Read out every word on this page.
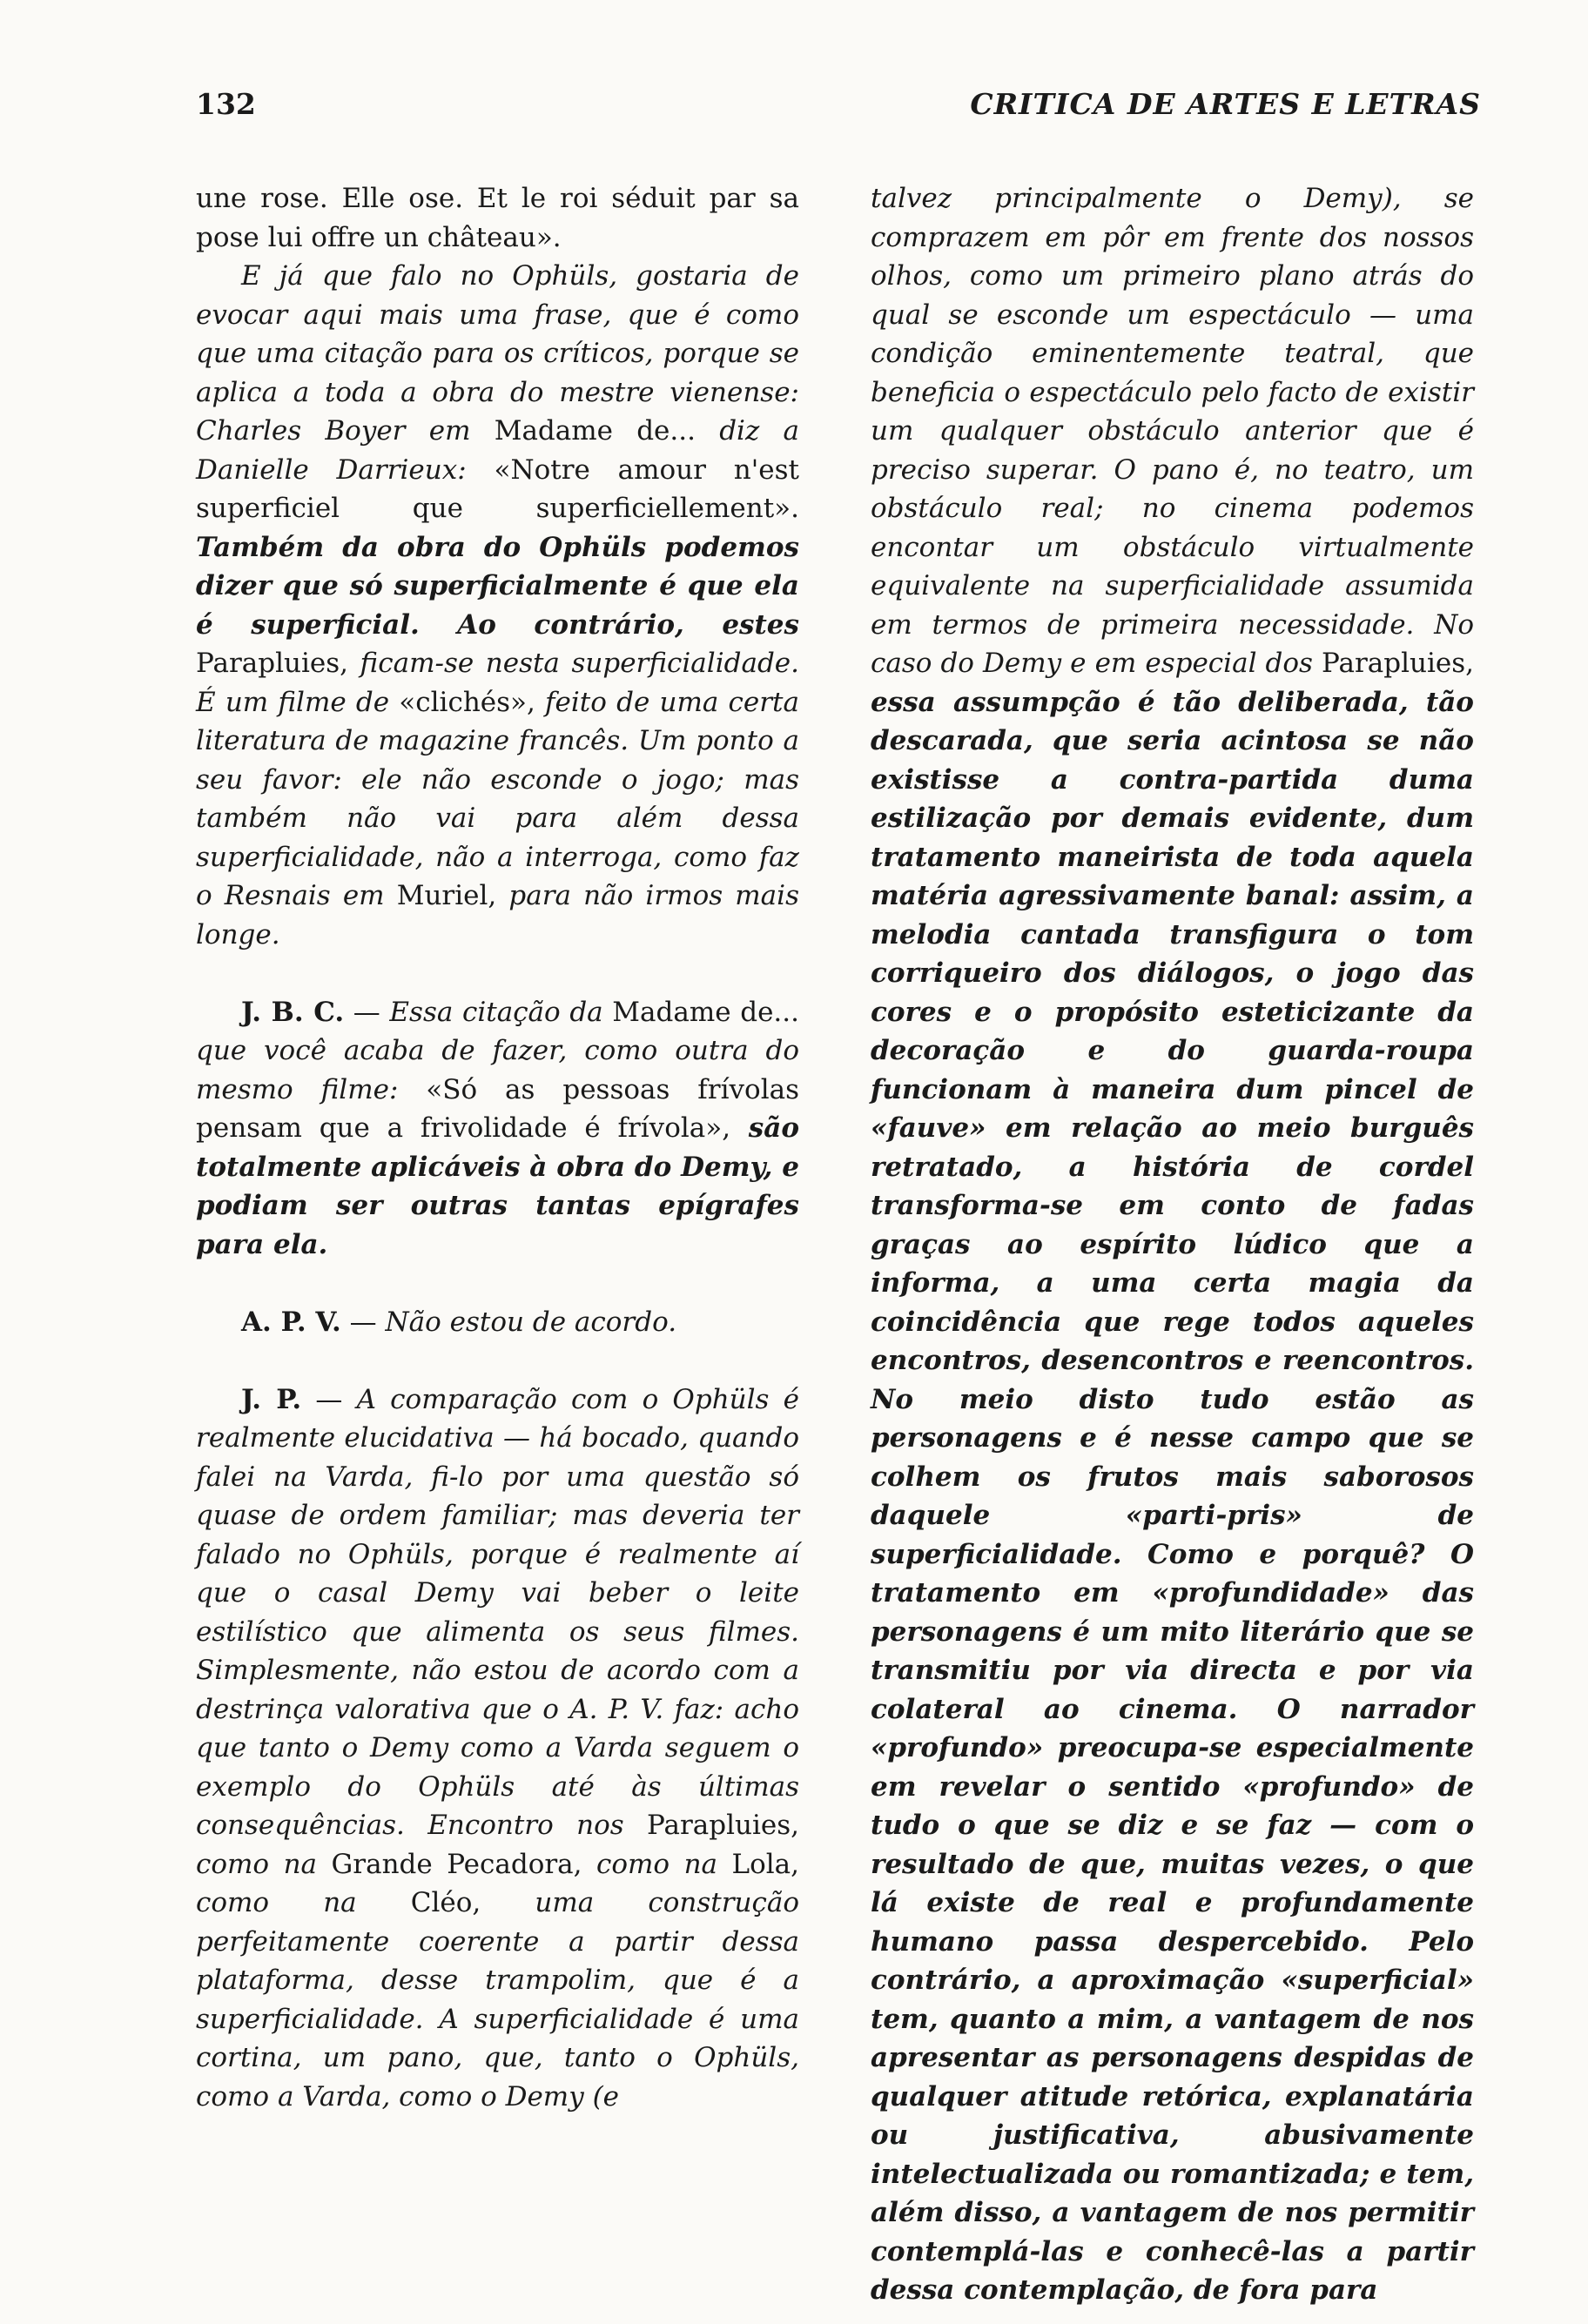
132	CRITICA DE ARTES E LETRAS

une rose. Elle ose. Et le roi séduit par sa pose lui offre un château».

E já que falo no Ophüls, gostaria de evocar aqui mais uma frase, que é como que uma citação para os críticos, porque se aplica a toda a obra do mestre vienense: Charles Boyer em Madame de... diz a Danielle Darrieux: «Notre amour n'est superficiel que superficiellement». Também da obra do Ophüls podemos dizer que só superficialmente é que ela é superficial. Ao contrário, estes Parapluies, ficam-se nesta superficialidade. É um filme de «clichés», feito de uma certa literatura de magazine francês. Um ponto a seu favor: ele não esconde o jogo; mas também não vai para além dessa superficialidade, não a interroga, como faz o Resnais em Muriel, para não irmos mais longe.

J. B. C. — Essa citação da Madame de... que você acaba de fazer, como outra do mesmo filme: «Só as pessoas frívolas pensam que a frivolidade é frívola», são totalmente aplicáveis à obra do Demy, e podiam ser outras tantas epígrafes para ela.

A. P. V. — Não estou de acordo.

J. P. — A comparação com o Ophüls é realmente elucidativa — há bocado, quando falei na Varda, fi-lo por uma questão só quase de ordem familiar; mas deveria ter falado no Ophüls, porque é realmente aí que o casal Demy vai beber o leite estilístico que alimenta os seus filmes. Simplesmente, não estou de acordo com a destrinça valorativa que o A. P. V. faz: acho que tanto o Demy como a Varda seguem o exemplo do Ophüls até às últimas consequências. Encontro nos Parapluies, como na Grande Pecadora, como na Lola, como na Cléo, uma construção perfeitamente coerente a partir dessa plataforma, desse trampolim, que é a superficialidade. A superficialidade é uma cortina, um pano, que, tanto o Ophüls, como a Varda, como o Demy (e

talvez principalmente o Demy), se comprazem em pôr em frente dos nossos olhos, como um primeiro plano atrás do qual se esconde um espectáculo — uma condição eminentemente teatral, que beneficia o espectáculo pelo facto de existir um qualquer obstáculo anterior que é preciso superar. O pano é, no teatro, um obstáculo real; no cinema podemos encontar um obstáculo virtualmente equivalente na superficialidade assumida em termos de primeira necessidade. No caso do Demy e em especial dos Parapluies, essa assumpção é tão deliberada, tão descarada, que seria acintosa se não existisse a contra-partida duma estilização por demais evidente, dum tratamento maneirista de toda aquela matéria agressivamente banal: assim, a melodia cantada transfigura o tom corriqueiro dos diálogos, o jogo das cores e o propósito esteticizante da decoração e do guarda-roupa funcionam à maneira dum pincel de «fauve» em relação ao meio burguês retratado, a história de cordel transforma-se em conto de fadas graças ao espírito lúdico que a informa, a uma certa magia da coincidência que rege todos aqueles encontros, desencontros e reencontros. No meio disto tudo estão as personagens e é nesse campo que se colhem os frutos mais saborosos daquele «parti-pris» de superficialidade. Como e porquê? O tratamento em «profundidade» das personagens é um mito literário que se transmitiu por via directa e por via colateral ao cinema. O narrador «profundo» preocupa-se especialmente em revelar o sentido «profundo» de tudo o que se diz e se faz — com o resultado de que, muitas vezes, o que lá existe de real e profundamente humano passa despercebido. Pelo contrário, a aproximação «superficial» tem, quanto a mim, a vantagem de nos apresentar as personagens despidas de qualquer atitude retórica, explanatária ou justificativa, abusivamente intelectualizada ou romantizada; e tem, além disso, a vantagem de nos permitir contemplá-las e conhecê-las a partir dessa contemplação, de fora para
